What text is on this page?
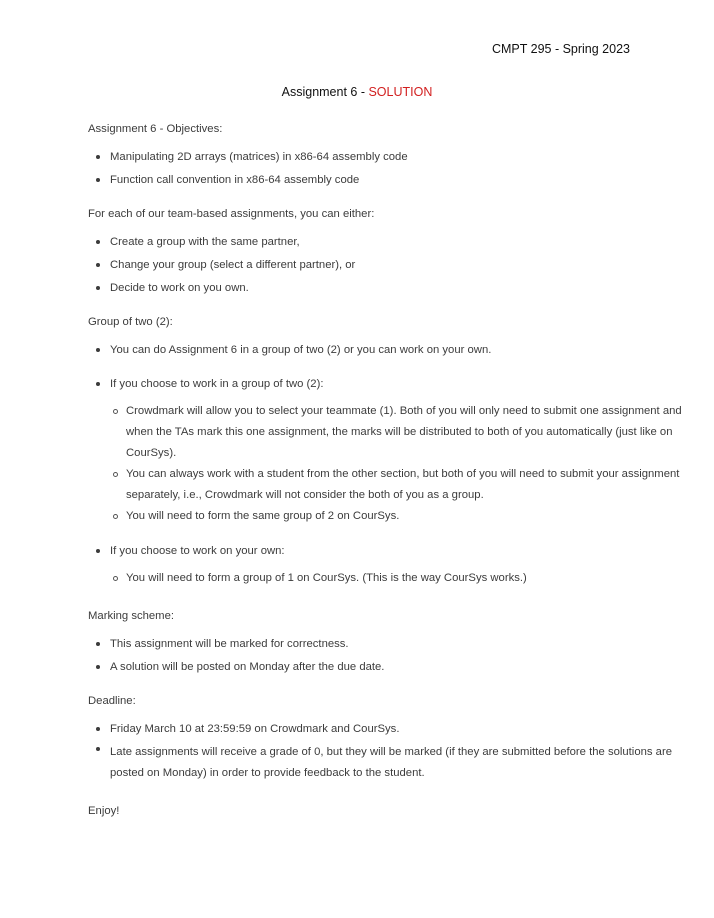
CMPT 295 - Spring 2023
Assignment 6 - SOLUTION
Assignment 6 - Objectives:
Manipulating 2D arrays (matrices) in x86-64 assembly code
Function call convention in x86-64 assembly code
For each of our team-based assignments, you can either:
Create a group with the same partner,
Change your group (select a different partner), or
Decide to work on you own.
Group of two (2):
You can do Assignment 6 in a group of two (2) or you can work on your own.
If you choose to work in a group of two (2):
Crowdmark will allow you to select your teammate (1). Both of you will only need to submit one assignment and when the TAs mark this one assignment, the marks will be distributed to both of you automatically (just like on CourSys).
You can always work with a student from the other section, but both of you will need to submit your assignment separately, i.e., Crowdmark will not consider the both of you as a group.
You will need to form the same group of 2 on CourSys.
If you choose to work on your own:
You will need to form a group of 1 on CourSys. (This is the way CourSys works.)
Marking scheme:
This assignment will be marked for correctness.
A solution will be posted on Monday after the due date.
Deadline:
Friday March 10 at 23:59:59 on Crowdmark and CourSys.
Late assignments will receive a grade of 0, but they will be marked (if they are submitted before the solutions are posted on Monday) in order to provide feedback to the student.
Enjoy!
